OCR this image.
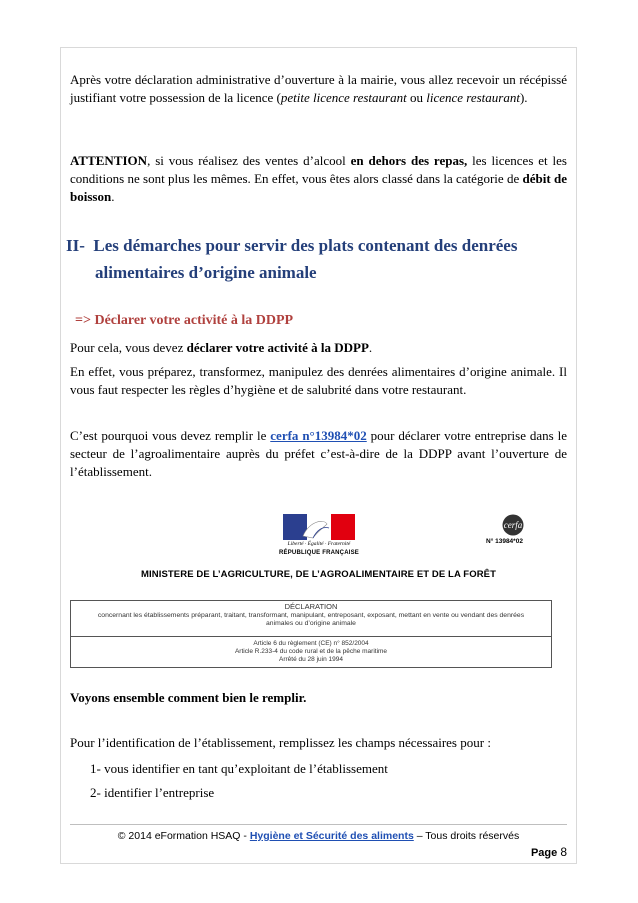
Après votre déclaration administrative d’ouverture à la mairie, vous allez recevoir un récépissé justifiant votre possession de la licence (petite licence restaurant ou licence restaurant).

ATTENTION, si vous réalisez des ventes d’alcool en dehors des repas, les licences et les conditions ne sont plus les mêmes. En effet, vous êtes alors classé dans la catégorie de débit de boisson.

II- Les démarches pour servir des plats contenant des denrées

alimentaires d’origine animale

=> Déclarer votre activité à la DDPP

Pour cela, vous devez déclarer votre activité à la DDPP.

En effet, vous préparez, transformez, manipulez des denrées alimentaires d’origine animale. Il vous faut respecter les règles d’hygiène et de salubrité dans votre restaurant.

C’est pourquoi vous devez remplir le cerfa n°13984*02 pour déclarer votre entreprise dans le secteur de l’agroalimentaire auprès du préfet c’est-à-dire de la DDPP avant l’ouverture de l’établissement.

Liberté · Égalité · Fraternité
RÉPUBLIQUE FRANÇAISE
cerfa
N° 13984*02
MINISTERE DE L’AGRICULTURE, DE L’AGROALIMENTAIRE ET DE LA FORÊT
DÉCLARATION
concernant les établissements préparant, traitant, transformant, manipulant, entreposant, exposant, mettant en vente ou vendant des denrées
animales ou d’origine animale
Article 6 du règlement (CE) n° 852/2004
Article R.233-4 du code rural et de la pêche maritime
Arrêté du 28 juin 1994

Voyons ensemble comment bien le remplir.

Pour l’identification de l’établissement, remplissez les champs nécessaires pour :

1- vous identifier en tant qu’exploitant de l’établissement

2- identifier l’entreprise

© 2014 eFormation HSAQ - Hygiène et Sécurité des aliments – Tous droits réservés
Page 8
